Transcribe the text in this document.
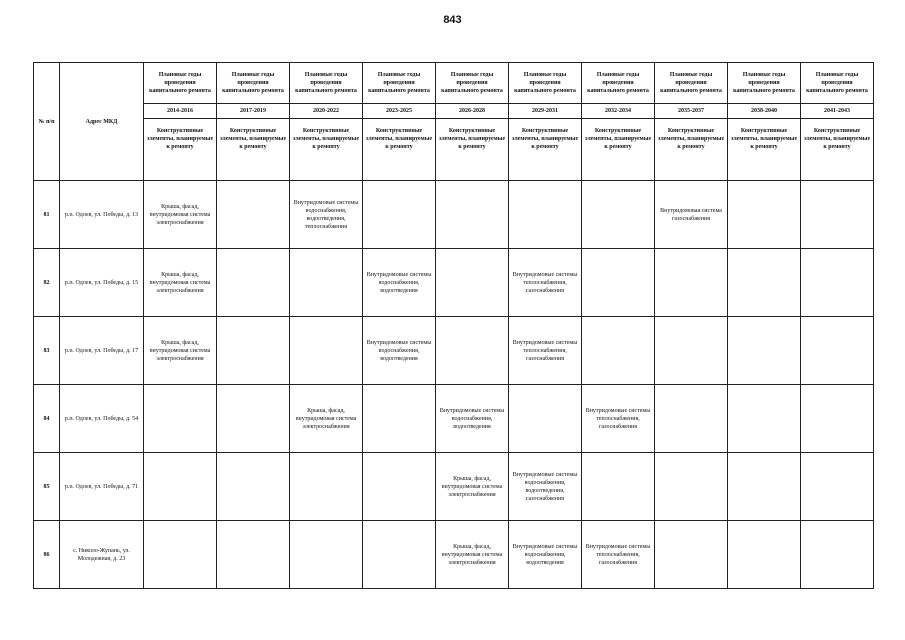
843
№ п/п	Адрес МКД	Плановые годы проведения капитального ремонта	Плановые годы проведения капитального ремонта	Плановые годы проведения капитального ремонта	Плановые годы проведения капитального ремонта	Плановые годы проведения капитального ремонта	Плановые годы проведения капитального ремонта	Плановые годы проведения капитального ремонта	Плановые годы проведения капитального ремонта	Плановые годы проведения капитального ремонта	Плановые годы проведения капитального ремонта
		2014-2016	2017-2019	2020-2022	2023-2025	2026-2028	2029-2031	2032-2034	2035-2037	2038-2040	2041-2043
		Конструктивные элементы, планируемые к ремонту	Конструктивные элементы, планируемые к ремонту	Конструктивные элементы, планируемые к ремонту	Конструктивные элементы, планируемые к ремонту	Конструктивные элементы, планируемые к ремонту	Конструктивные элементы, планируемые к ремонту	Конструктивные элементы, планируемые к ремонту	Конструктивные элементы, планируемые к ремонту	Конструктивные элементы, планируемые к ремонту	Конструктивные элементы, планируемые к ремонту
81	р.п. Одоев, ул. Победы, д. 13	Крыша, фасад, внутридомовая система электроснабжения		Внутридомовые системы водоснабжения, водоотведения, теплоснабжения					Внутридомовая система газоснабжения		
82	р.п. Одоев, ул. Победы, д. 15	Крыша, фасад, внутридомовая система электроснабжения			Внутридомовые системы водоснабжения, водоотведения		Внутридомовые системы теплоснабжения, газоснабжения				
83	р.п. Одоев, ул. Победы, д. 17	Крыша, фасад, внутридомовая система электроснабжения			Внутридомовые системы водоснабжения, водоотведения		Внутридомовые системы теплоснабжения, газоснабжения				
84	р.п. Одоев, ул. Победы, д. 54			Крыша, фасад, внутридомовая система электроснабжения		Внутридомовые системы водоснабжения, водоотведения		Внутридомовые системы теплоснабжения, газоснабжения			
85	р.п. Одоев, ул. Победы, д. 71					Крыша, фасад, внутридомовая система электроснабжения	Внутридомовые системы водоснабжения, водоотведения, газоснабжения				
86	с. Николо-Жупань, ул. Молодежная, д. 23					Крыша, фасад, внутридомовая система электроснабжения	Внутридомовые системы водоснабжения, водоотведения	Внутридомовые системы теплоснабжения, газоснабжения			
